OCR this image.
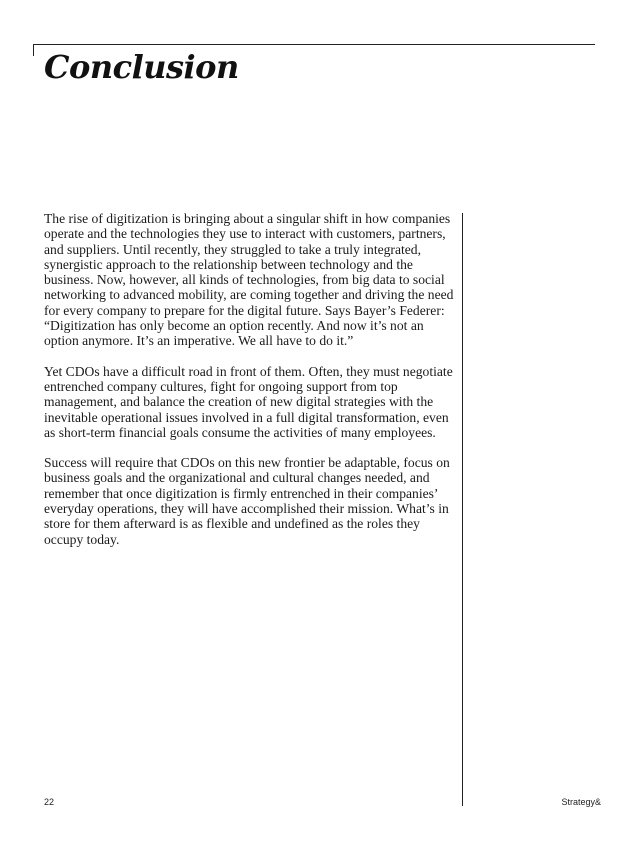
Conclusion

The rise of digitization is bringing about a singular shift in how companies operate and the technologies they use to interact with customers, partners, and suppliers. Until recently, they struggled to take a truly integrated, synergistic approach to the relationship between technology and the business. Now, however, all kinds of technologies, from big data to social networking to advanced mobility, are coming together and driving the need for every company to prepare for the digital future. Says Bayer’s Federer: “Digitization has only become an option recently. And now it’s not an option anymore. It’s an imperative. We all have to do it.”

Yet CDOs have a difficult road in front of them. Often, they must negotiate entrenched company cultures, fight for ongoing support from top management, and balance the creation of new digital strategies with the inevitable operational issues involved in a full digital transformation, even as short-term financial goals consume the activities of many employees.

Success will require that CDOs on this new frontier be adaptable, focus on business goals and the organizational and cultural changes needed, and remember that once digitization is firmly entrenched in their companies’ everyday operations, they will have accomplished their mission. What’s in store for them afterward is as flexible and undefined as the roles they occupy today.

22	Strategy&
